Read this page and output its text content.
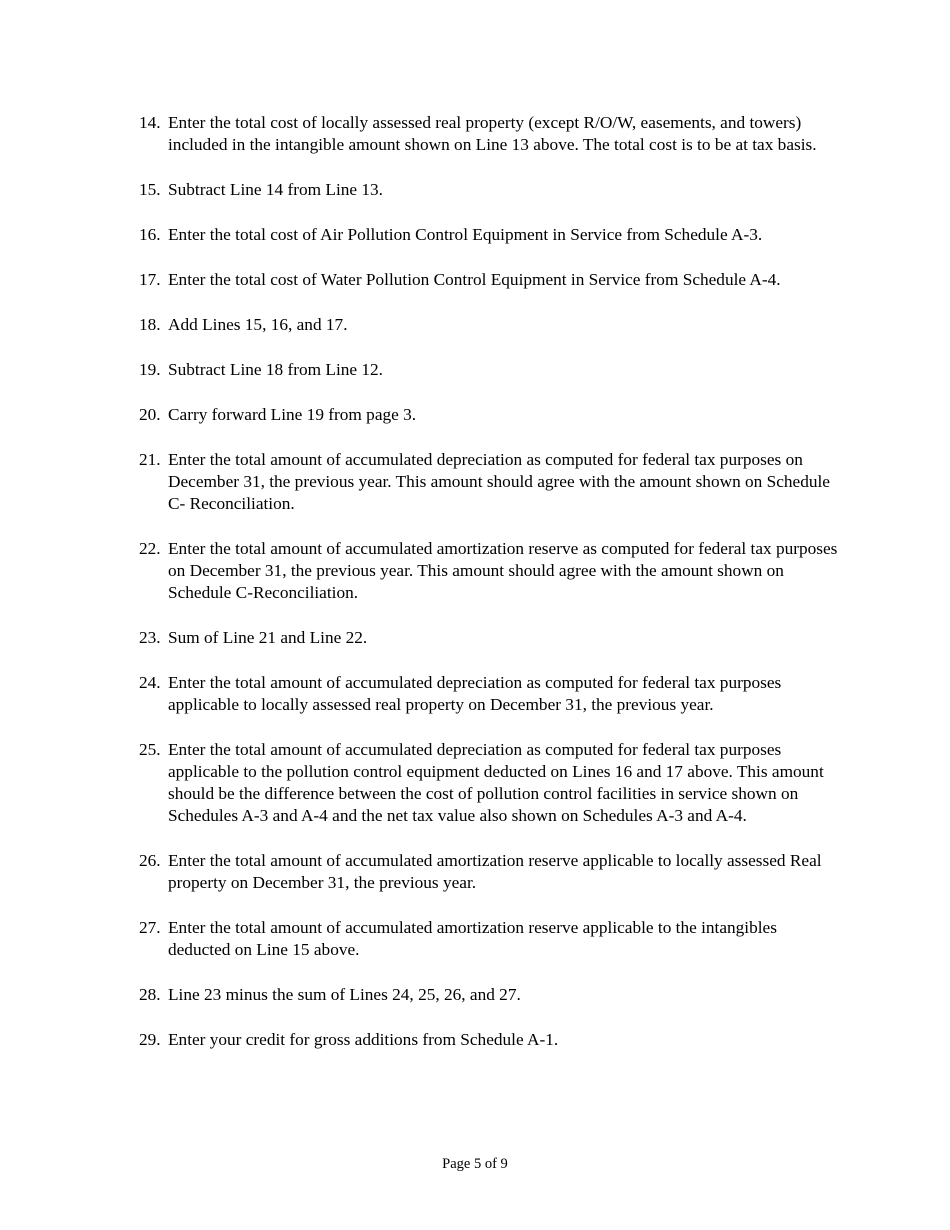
14. Enter the total cost of locally assessed real property (except R/O/W, easements, and towers) included in the intangible amount shown on Line 13 above. The total cost is to be at tax basis.
15. Subtract Line 14 from Line 13.
16. Enter the total cost of Air Pollution Control Equipment in Service from Schedule A-3.
17. Enter the total cost of Water Pollution Control Equipment in Service from Schedule A-4.
18. Add Lines 15, 16, and 17.
19. Subtract Line 18 from Line 12.
20. Carry forward Line 19 from page 3.
21. Enter the total amount of accumulated depreciation as computed for federal tax purposes on December 31, the previous year. This amount should agree with the amount shown on Schedule C- Reconciliation.
22. Enter the total amount of accumulated amortization reserve as computed for federal tax purposes on December 31, the previous year. This amount should agree with the amount shown on Schedule C-Reconciliation.
23. Sum of Line 21 and Line 22.
24. Enter the total amount of accumulated depreciation as computed for federal tax purposes applicable to locally assessed real property on December 31, the previous year.
25. Enter the total amount of accumulated depreciation as computed for federal tax purposes applicable to the pollution control equipment deducted on Lines 16 and 17 above. This amount should be the difference between the cost of pollution control facilities in service shown on Schedules A-3 and A-4 and the net tax value also shown on Schedules A-3 and A-4.
26. Enter the total amount of accumulated amortization reserve applicable to locally assessed Real property on December 31, the previous year.
27. Enter the total amount of accumulated amortization reserve applicable to the intangibles deducted on Line 15 above.
28. Line 23 minus the sum of Lines 24, 25, 26, and 27.
29. Enter your credit for gross additions from Schedule A-1.
Page 5 of 9
